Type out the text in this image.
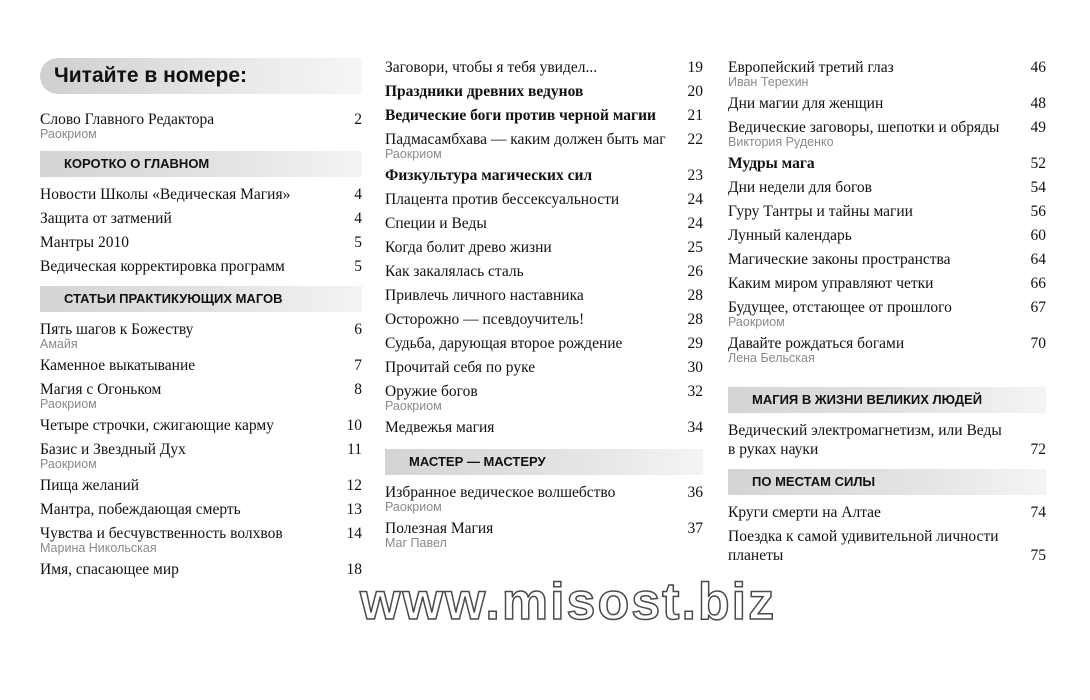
Читайте в номере:
Слово Главного Редактора	2
Раокриом
КОРОТКО О ГЛАВНОМ
Новости Школы «Ведическая Магия»	4
Защита от затмений	4
Мантры 2010	5
Ведическая корректировка программ	5
СТАТЬИ ПРАКТИКУЮЩИХ МАГОВ
Пять шагов к Божеству	6
Амайя
Каменное выкатывание	7
Магия с Огоньком	8
Раокриом
Четыре строчки, сжигающие карму	10
Базис и Звездный Дух	11
Раокриом
Пища желаний	12
Мантра, побеждающая смерть	13
Чувства и бесчувственность волхвов	14
Марина Никольская
Имя, спасающее мир	18
Заговори, чтобы я тебя увидел...	19
Праздники древних ведунов	20
Ведические боги против черной магии	21
Падмасамбхава — каким должен быть маг	22
Раокриом
Физкультура магических сил	23
Плацента против бессексуальности	24
Специи и Веды	24
Когда болит древо жизни	25
Как закалялась сталь	26
Привлечь личного наставника	28
Осторожно — псевдоучитель!	28
Судьба, дарующая второе рождение	29
Прочитай себя по руке	30
Оружие богов	32
Раокриом
Медвежья магия	34
МАСТЕР — МАСТЕРУ
Избранное ведическое волшебство	36
Раокриом
Полезная Магия	37
Маг Павел
Европейский третий глаз	46
Иван Терехин
Дни магии для женщин	48
Ведические заговоры, шепотки и обряды	49
Виктория Руденко
Мудры мага	52
Дни недели для богов	54
Гуру Тантры и тайны магии	56
Лунный календарь	60
Магические законы пространства	64
Каким миром управляют четки	66
Будущее, отстающее от прошлого	67
Раокриом
Давайте рождаться богами	70
Лена Бельская
МАГИЯ В ЖИЗНИ ВЕЛИКИХ ЛЮДЕЙ
Ведический электромагнетизм, или Веды в руках науки	72
ПО МЕСТАМ СИЛЫ
Круги смерти на Алтае	74
Поездка к самой удивительной личности планеты	75
www.misost.biz
